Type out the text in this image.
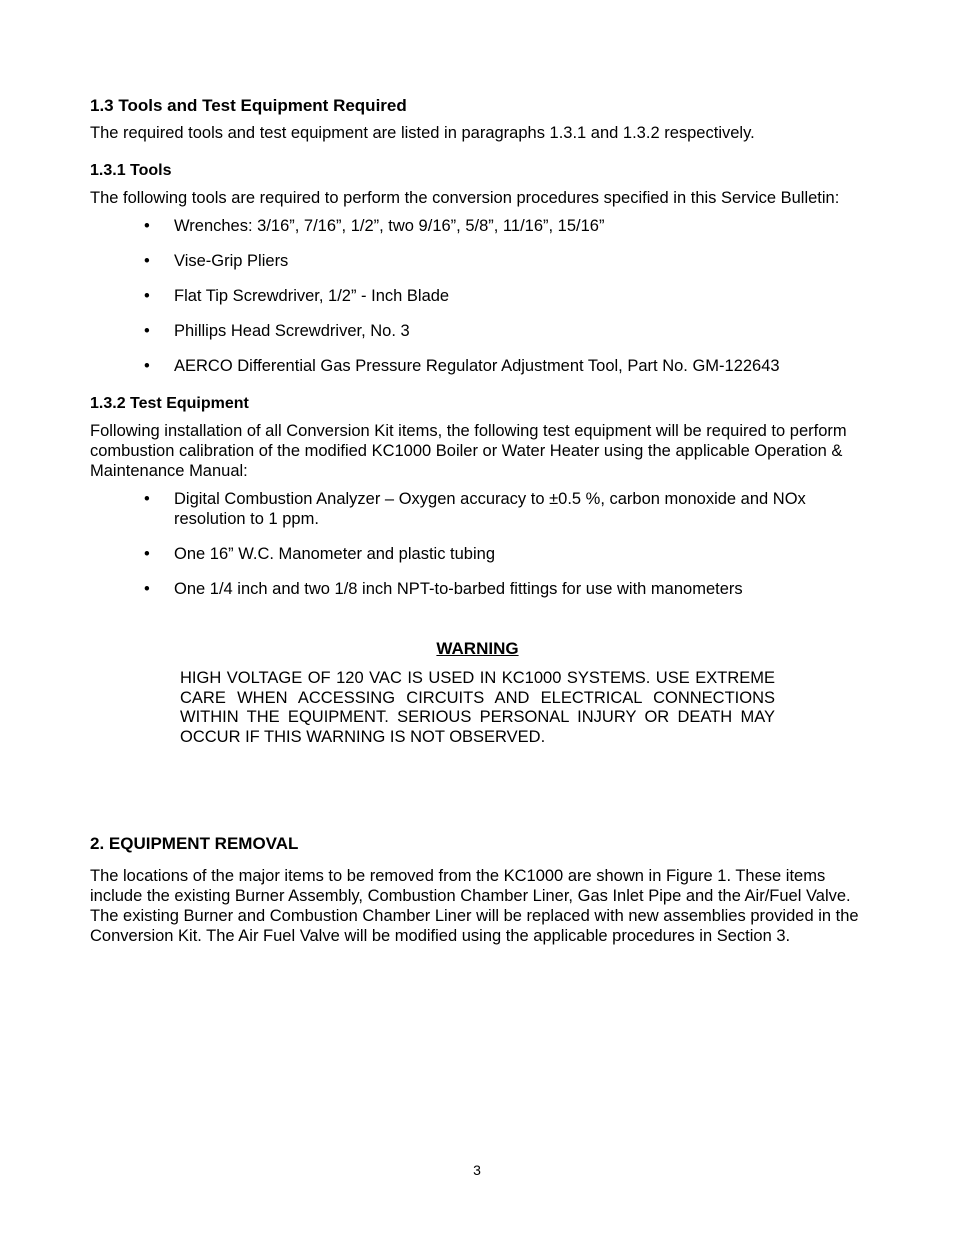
1.3 Tools and Test Equipment Required

The required tools and test equipment are listed in paragraphs 1.3.1 and 1.3.2 respectively.

1.3.1 Tools

The following tools are required to perform the conversion procedures specified in this Service Bulletin:

• Wrenches: 3/16”, 7/16”, 1/2”, two 9/16”, 5/8”, 11/16”, 15/16”
• Vise-Grip Pliers
• Flat Tip Screwdriver, 1/2” - Inch Blade
• Phillips Head Screwdriver, No. 3
• AERCO Differential Gas Pressure Regulator Adjustment Tool, Part No. GM-122643
1.3.2 Test Equipment

Following installation of all Conversion Kit items, the following test equipment will be required to perform combustion calibration of the modified KC1000 Boiler or Water Heater using the applicable Operation & Maintenance Manual:

• Digital Combustion Analyzer – Oxygen accuracy to ±0.5 %, carbon monoxide and NOx resolution to 1 ppm.
• One 16” W.C. Manometer and plastic tubing
• One 1/4 inch and two 1/8 inch NPT-to-barbed fittings for use with manometers
WARNING

HIGH VOLTAGE OF 120 VAC IS USED IN KC1000 SYSTEMS. USE EXTREME CARE WHEN ACCESSING CIRCUITS AND ELECTRICAL CONNECTIONS WITHIN THE EQUIPMENT. SERIOUS PERSONAL INJURY OR DEATH MAY OCCUR IF THIS WARNING IS NOT OBSERVED.

2. EQUIPMENT REMOVAL

The locations of the major items to be removed from the KC1000 are shown in Figure 1. These items include the existing Burner Assembly, Combustion Chamber Liner, Gas Inlet Pipe and the Air/Fuel Valve. The existing Burner and Combustion Chamber Liner will be replaced with new assemblies provided in the Conversion Kit. The Air Fuel Valve will be modified using the applicable procedures in Section 3.

3
